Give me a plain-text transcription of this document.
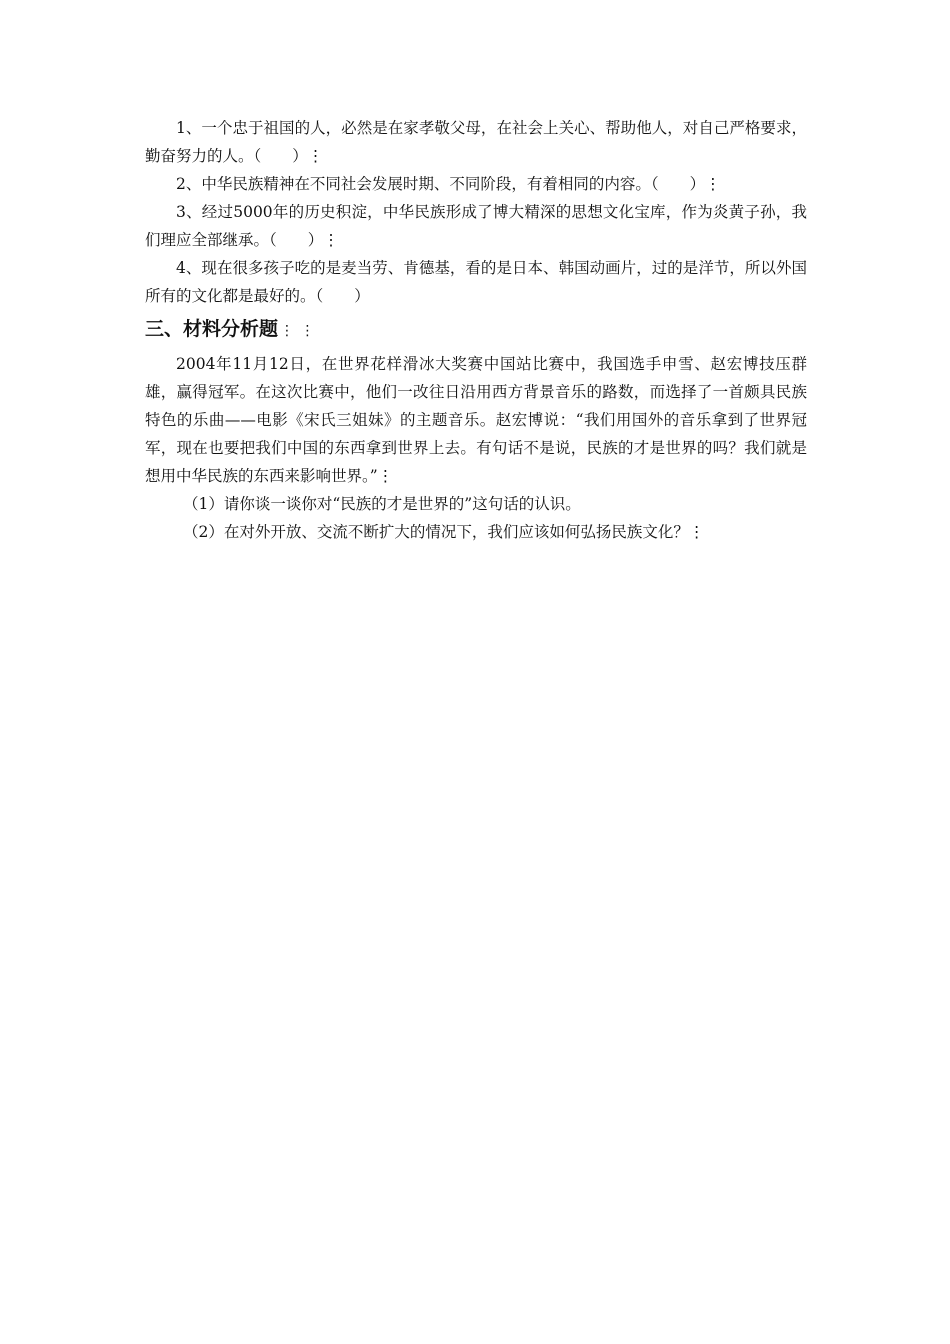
1、一个忠于祖国的人，必然是在家孝敬父母，在社会上关心、帮助他人，对自己严格要求，勤奋努力的人。（　　）⋮

2、中华民族精神在不同社会发展时期、不同阶段，有着相同的内容。（　　）⋮

3、经过5000年的历史积淀，中华民族形成了博大精深的思想文化宝库，作为炎黄子孙，我们理应全部继承。（　　）⋮

4、现在很多孩子吃的是麦当劳、肯德基，看的是日本、韩国动画片，过的是洋节，所以外国所有的文化都是最好的。（　　）

三、材料分析题 ⋮ ⋮

2004年11月12日，在世界花样滑冰大奖赛中国站比赛中，我国选手申雪、赵宏博技压群雄，赢得冠军。在这次比赛中，他们一改往日沿用西方背景音乐的路数，而选择了一首颇具民族特色的乐曲——电影《宋氏三姐妹》的主题音乐。赵宏博说：“我们用国外的音乐拿到了世界冠军，现在也要把我们中国的东西拿到世界上去。有句话不是说，民族的才是世界的吗？我们就是想用中华民族的东西来影响世界。”⋮

（1）请你谈一谈你对“民族的才是世界的”这句话的认识。

（2）在对外开放、交流不断扩大的情况下，我们应该如何弘扬民族文化？⋮
